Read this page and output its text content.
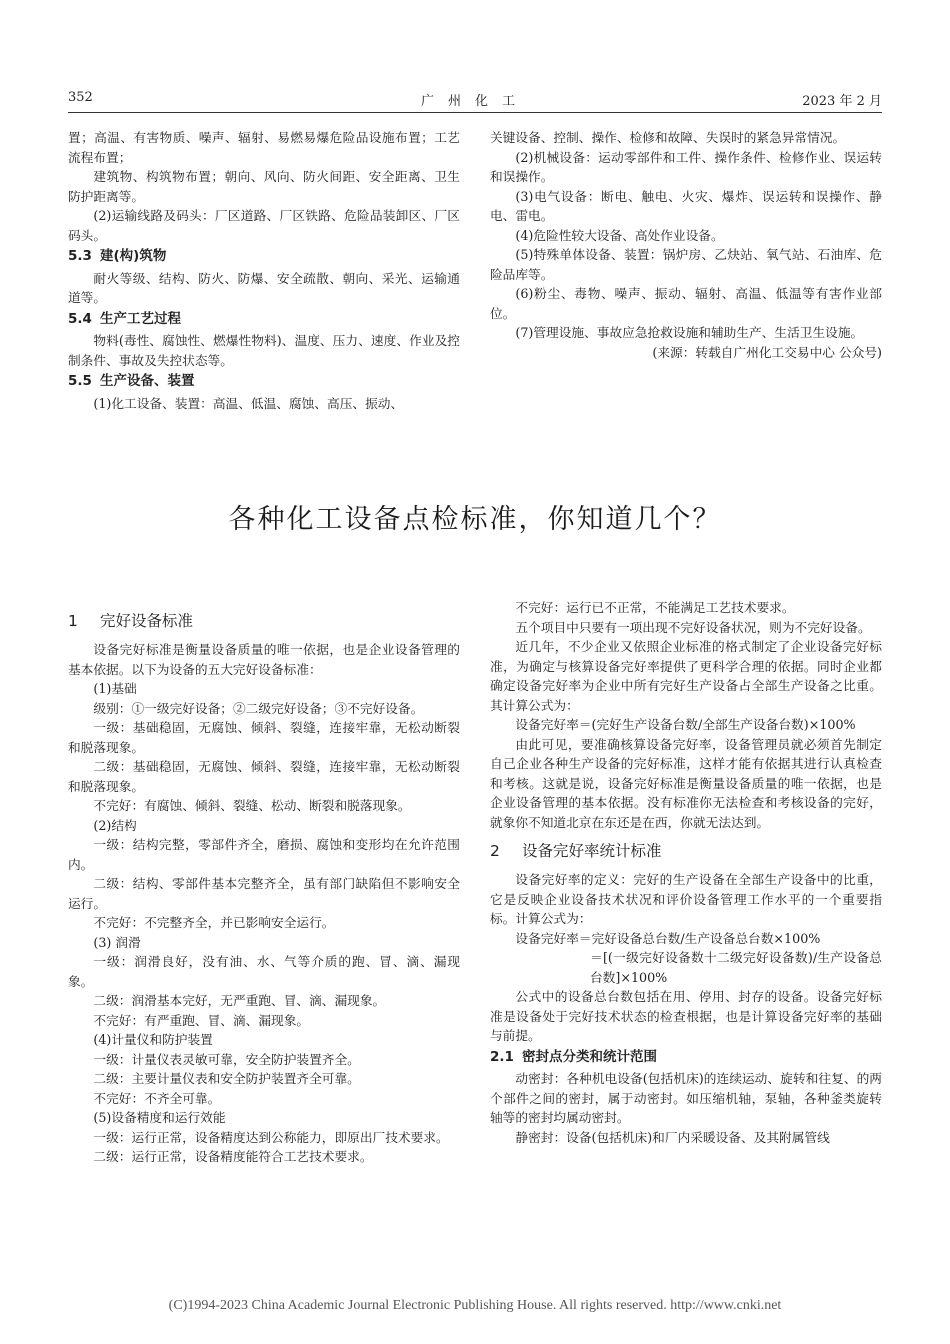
352	广州化工	2023 年 2 月

置；高温、有害物质、噪声、辐射、易燃易爆危险品设施布置；工艺流程布置；

建筑物、构筑物布置；朝向、风向、防火间距、安全距离、卫生防护距离等。

(2)运输线路及码头：厂区道路、厂区铁路、危险品装卸区、厂区码头。

5.3 建(构)筑物

耐火等级、结构、防火、防爆、安全疏散、朝向、采光、运输通道等。

5.4 生产工艺过程

物料(毒性、腐蚀性、燃爆性物料)、温度、压力、速度、作业及控制条件、事故及失控状态等。

5.5 生产设备、装置

(1)化工设备、装置：高温、低温、腐蚀、高压、振动、

关键设备、控制、操作、检修和故障、失误时的紧急异常情况。

(2)机械设备：运动零部件和工件、操作条件、检修作业、误运转和误操作。

(3)电气设备：断电、触电、火灾、爆炸、误运转和误操作、静电、雷电。

(4)危险性较大设备、高处作业设备。

(5)特殊单体设备、装置：锅炉房、乙炔站、氧气站、石油库、危险品库等。

(6)粉尘、毒物、噪声、振动、辐射、高温、低温等有害作业部位。

(7)管理设施、事故应急抢救设施和辅助生产、生活卫生设施。

(来源：转载自广州化工交易中心 公众号)

各种化工设备点检标准，你知道几个？

1 完好设备标准

设备完好标准是衡量设备质量的唯一依据，也是企业设备管理的基本依据。以下为设备的五大完好设备标准：

(1)基础

级别：①一级完好设备；②二级完好设备；③不完好设备。

一级：基础稳固，无腐蚀、倾斜、裂缝，连接牢靠，无松动断裂和脱落现象。

二级：基础稳固，无腐蚀、倾斜、裂缝，连接牢靠，无松动断裂和脱落现象。

不完好：有腐蚀、倾斜、裂缝、松动、断裂和脱落现象。

(2)结构

一级：结构完整，零部件齐全，磨损、腐蚀和变形均在允许范围内。

二级：结构、零部件基本完整齐全，虽有部门缺陷但不影响安全运行。

不完好：不完整齐全，并已影响安全运行。

(3) 润滑

一级：润滑良好，没有油、水、气等介质的跑、冒、滴、漏现象。

二级：润滑基本完好，无严重跑、冒、滴、漏现象。

不完好：有严重跑、冒、滴、漏现象。

(4)计量仪和防护装置

一级：计量仪表灵敏可靠，安全防护装置齐全。

二级：主要计量仪表和安全防护装置齐全可靠。

不完好：不齐全可靠。

(5)设备精度和运行效能

一级：运行正常，设备精度达到公称能力，即原出厂技术要求。

二级：运行正常，设备精度能符合工艺技术要求。

不完好：运行已不正常，不能满足工艺技术要求。

五个项目中只要有一项出现不完好设备状况，则为不完好设备。

近几年，不少企业又依照企业标准的格式制定了企业设备完好标准，为确定与核算设备完好率提供了更科学合理的依据。同时企业都确定设备完好率为企业中所有完好生产设备占全部生产设备之比重。其计算公式为：

设备完好率＝(完好生产设备台数/全部生产设备台数)×100%

由此可见，要准确核算设备完好率，设备管理员就必须首先制定自己企业各种生产设备的完好标准，这样才能有依据其进行认真检查和考核。这就是说，设备完好标准是衡量设备质量的唯一依据，也是企业设备管理的基本依据。没有标准你无法检查和考核设备的完好，就象你不知道北京在东还是在西，你就无法达到。

2 设备完好率统计标准

设备完好率的定义：完好的生产设备在全部生产设备中的比重，它是反映企业设备技术状况和评价设备管理工作水平的一个重要指标。计算公式为：

设备完好率＝完好设备总台数/生产设备总台数×100%

＝[(一级完好设备数十二级完好设备数)/生产设备总台数]×100%

公式中的设备总台数包括在用、停用、封存的设备。设备完好标准是设备处于完好技术状态的检查根据，也是计算设备完好率的基础与前提。

2.1 密封点分类和统计范围

动密封：各种机电设备(包括机床)的连续运动、旋转和往复、的两个部件之间的密封，属于动密封。如压缩机轴，泵轴，各种釜类旋转轴等的密封均属动密封。

静密封：设备(包括机床)和厂内采暖设备、及其附属管线

(C)1994-2023 China Academic Journal Electronic Publishing House. All rights reserved. http://www.cnki.net
